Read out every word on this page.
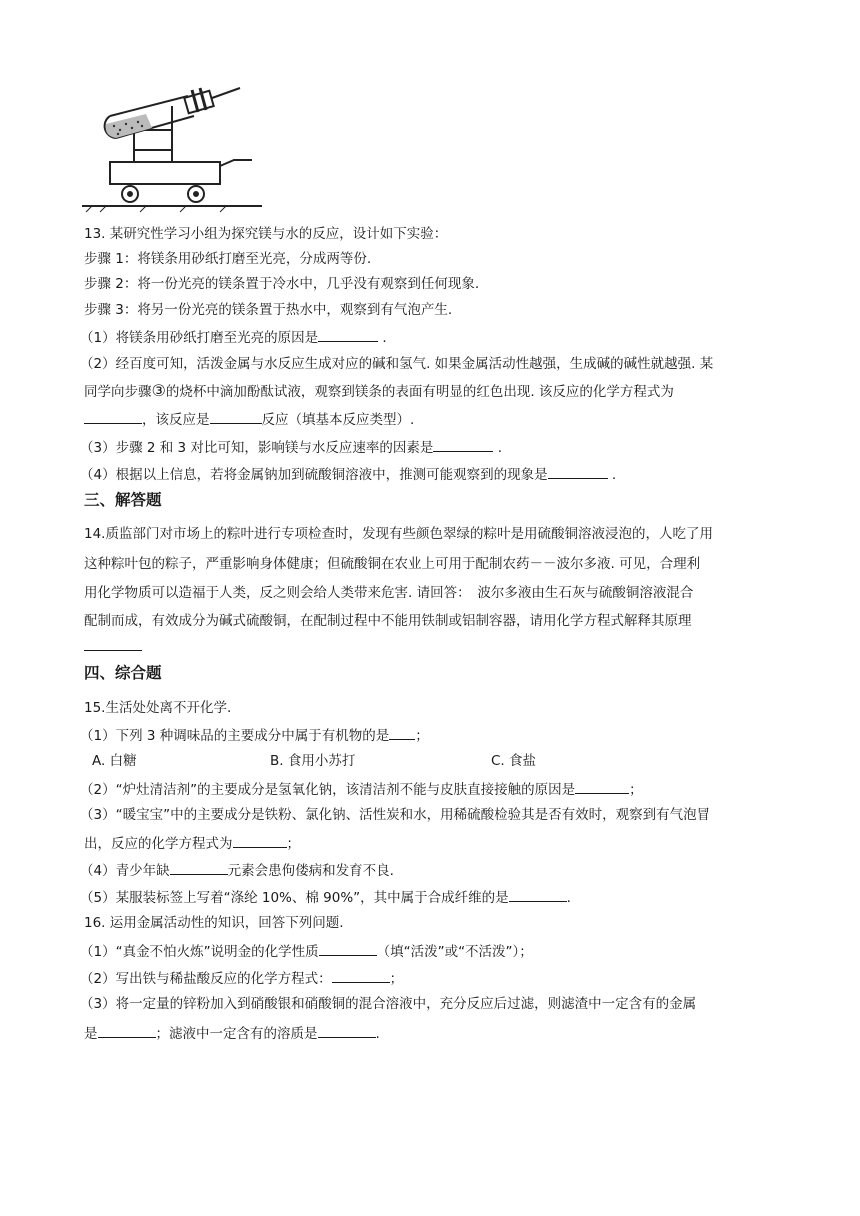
13. 某研究性学习小组为探究镁与水的反应，设计如下实验：
步骤 1：将镁条用砂纸打磨至光亮，分成两等份.
步骤 2：将一份光亮的镁条置于冷水中，几乎没有观察到任何现象.
步骤 3：将另一份光亮的镁条置于热水中，观察到有气泡产生.
（1）将镁条用砂纸打磨至光亮的原因是	.
（2）经百度可知，活泼金属与水反应生成对应的碱和氢气. 如果金属活动性越强，生成碱的碱性就越强. 某
同学向步骤③的烧杯中滴加酚酞试液，观察到镁条的表面有明显的红色出现. 该反应的化学方程式为
，该反应是	反应（填基本反应类型）.
（3）步骤 2 和 3 对比可知，影响镁与水反应速率的因素是	.
（4）根据以上信息，若将金属钠加到硫酸铜溶液中，推测可能观察到的现象是	.
三、解答题
14.质监部门对市场上的粽叶进行专项检查时，发现有些颜色翠绿的粽叶是用硫酸铜溶液浸泡的，人吃了用
这种粽叶包的粽子，严重影响身体健康；但硫酸铜在农业上可用于配制农药－－波尔多液. 可见，合理利
用化学物质可以造福于人类，反之则会给人类带来危害. 请回答：　波尔多液由生石灰与硫酸铜溶液混合
配制而成，有效成分为碱式硫酸铜，在配制过程中不能用铁制或铝制容器，请用化学方程式解释其原理
四、综合题
15.生活处处离不开化学.
（1）下列 3 种调味品的主要成分中属于有机物的是 ；
A. 白糖	B. 食用小苏打	C. 食盐
（2）“炉灶清洁剂”的主要成分是氢氧化钠，该清洁剂不能与皮肤直接接触的原因是	；
（3）“暖宝宝”中的主要成分是铁粉、氯化钠、活性炭和水，用稀硫酸检验其是否有效时，观察到有气泡冒
出，反应的化学方程式为	；
（4）青少年缺	元素会患佝偻病和发育不良.
（5）某服装标签上写着“涤纶 10%、棉 90%”，其中属于合成纤维的是	.
16. 运用金属活动性的知识，回答下列问题.
（1）“真金不怕火炼”说明金的化学性质	（填“活泼”或“不活泼”）；
（2）写出铁与稀盐酸反应的化学方程式：	；
（3）将一定量的锌粉加入到硝酸银和硝酸铜的混合溶液中，充分反应后过滤，则滤渣中一定含有的金属
是	；滤液中一定含有的溶质是	.
